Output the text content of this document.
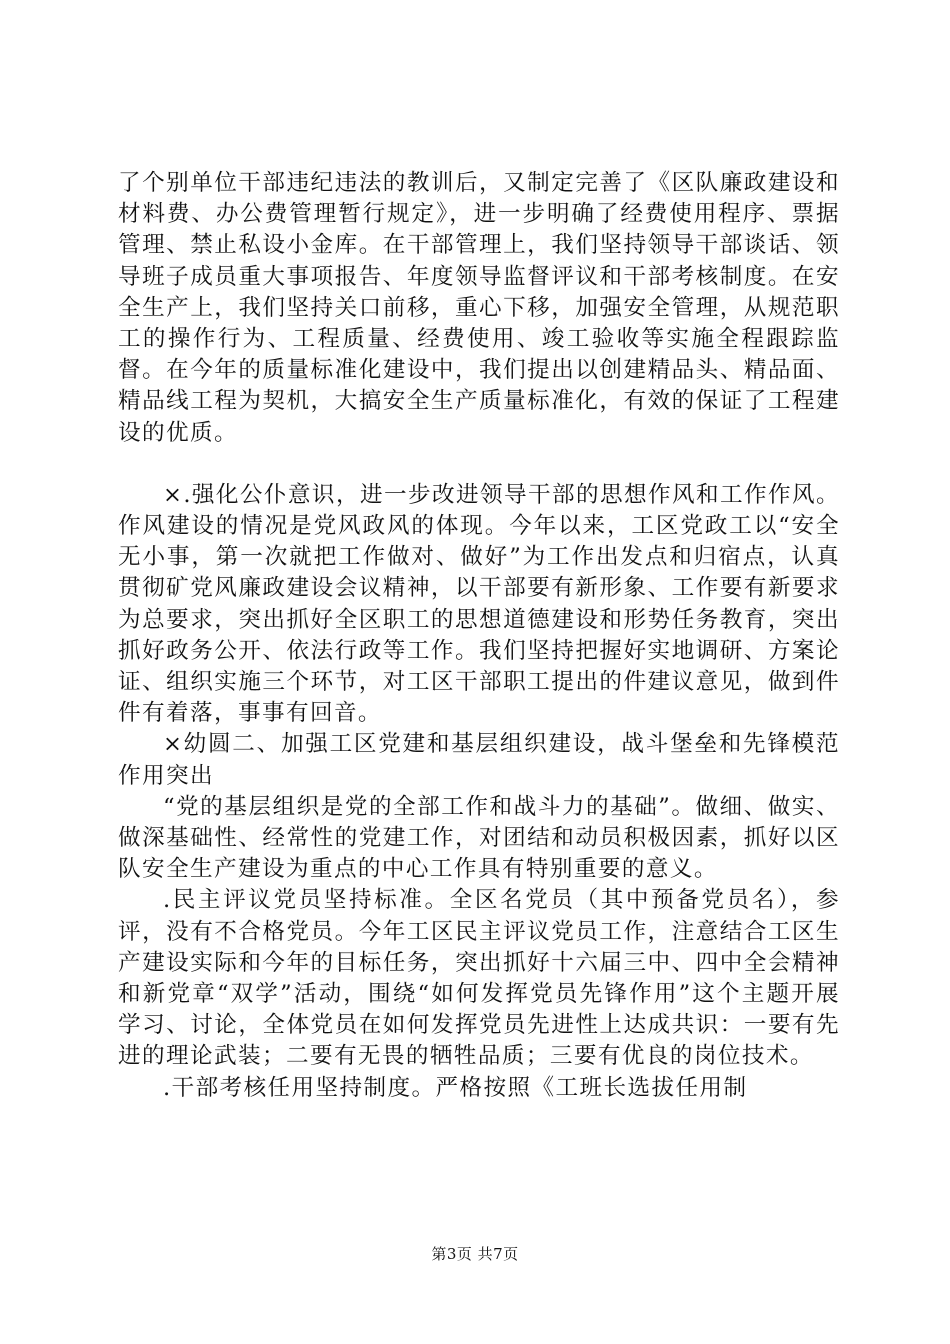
了个别单位干部违纪违法的教训后，又制定完善了《区队廉政建设和材料费、办公费管理暂行规定》，进一步明确了经费使用程序、票据管理、禁止私设小金库。在干部管理上，我们坚持领导干部谈话、领导班子成员重大事项报告、年度领导监督评议和干部考核制度。在安全生产上，我们坚持关口前移，重心下移，加强安全管理，从规范职工的操作行为、工程质量、经费使用、竣工验收等实施全程跟踪监督。在今年的质量标准化建设中，我们提出以创建精品头、精品面、精品线工程为契机，大搞安全生产质量标准化，有效的保证了工程建设的优质。

×.强化公仆意识，进一步改进领导干部的思想作风和工作作风。作风建设的情况是党风政风的体现。今年以来，工区党政工以“安全无小事，第一次就把工作做对、做好”为工作出发点和归宿点，认真贯彻矿党风廉政建设会议精神，以干部要有新形象、工作要有新要求为总要求，突出抓好全区职工的思想道德建设和形势任务教育，突出抓好政务公开、依法行政等工作。我们坚持把握好实地调研、方案论证、组织实施三个环节，对工区干部职工提出的件建议意见，做到件件有着落，事事有回音。

×幼圆二、加强工区党建和基层组织建设，战斗堡垒和先锋模范作用突出

“党的基层组织是党的全部工作和战斗力的基础”。做细、做实、做深基础性、经常性的党建工作，对团结和动员积极因素，抓好以区队安全生产建设为重点的中心工作具有特别重要的意义。

.民主评议党员坚持标准。全区名党员（其中预备党员名），参评，没有不合格党员。今年工区民主评议党员工作，注意结合工区生产建设实际和今年的目标任务，突出抓好十六届三中、四中全会精神和新党章“双学”活动，围绕“如何发挥党员先锋作用”这个主题开展学习、讨论，全体党员在如何发挥党员先进性上达成共识：一要有先进的理论武装；二要有无畏的牺牲品质；三要有优良的岗位技术。

.干部考核任用坚持制度。严格按照《工班长选拔任用制

第3页 共7页
